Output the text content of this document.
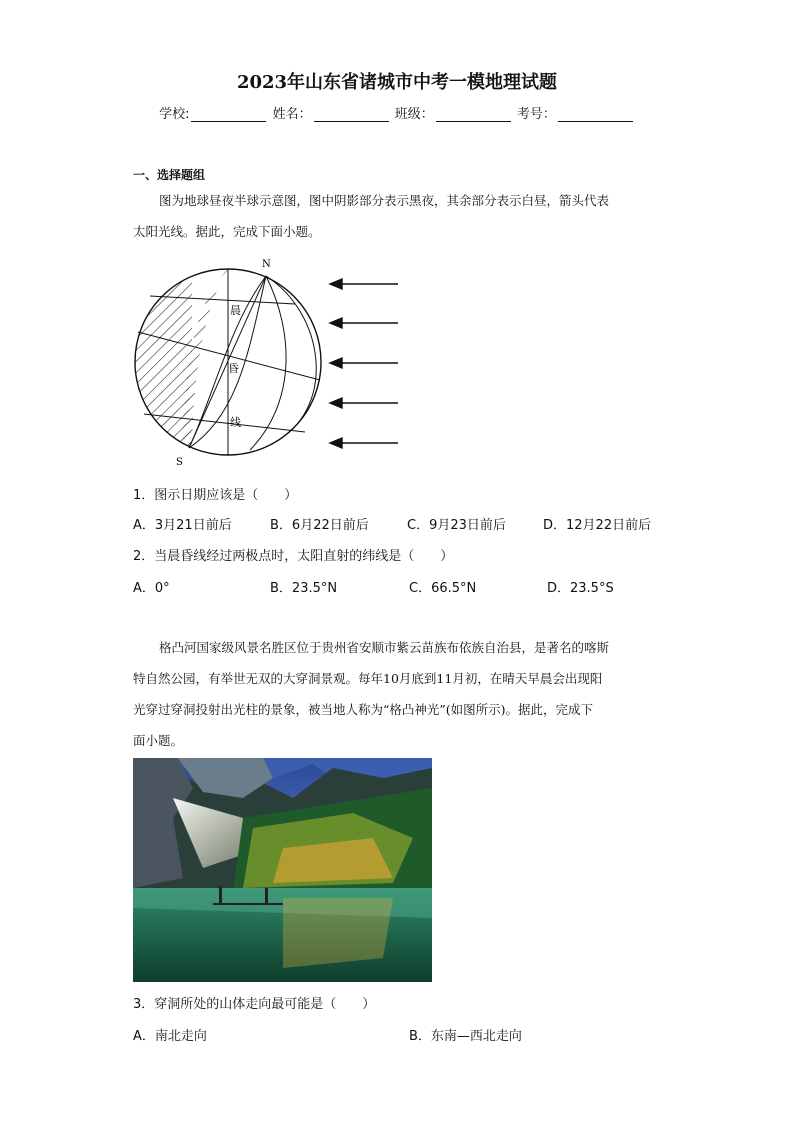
2023年山东省诸城市中考一模地理试题
学校:	姓名：	班级：	考号：
一、选择题组
图为地球昼夜半球示意图，图中阴影部分表示黑夜，其余部分表示白昼，箭头代表
太阳光线。据此，完成下面小题。
N
S
晨
昏
线
1．图示日期应该是（　　）
A．3月21日前后	B．6月22日前后	C．9月23日前后	D．12月22日前后
2．当晨昏线经过两极点时，太阳直射的纬线是（　　）
A．0°	B．23.5°N	C．66.5°N	D．23.5°S
格凸河国家级风景名胜区位于贵州省安顺市紫云苗族布依族自治县，是著名的喀斯
特自然公园，有举世无双的大穿洞景观。每年10月底到11月初，在晴天早晨会出现阳
光穿过穿洞投射出光柱的景象，被当地人称为“格凸神光”(如图所示)。据此，完成下
面小题。
3．穿洞所处的山体走向最可能是（　　）
A．南北走向	B．东南—西北走向
